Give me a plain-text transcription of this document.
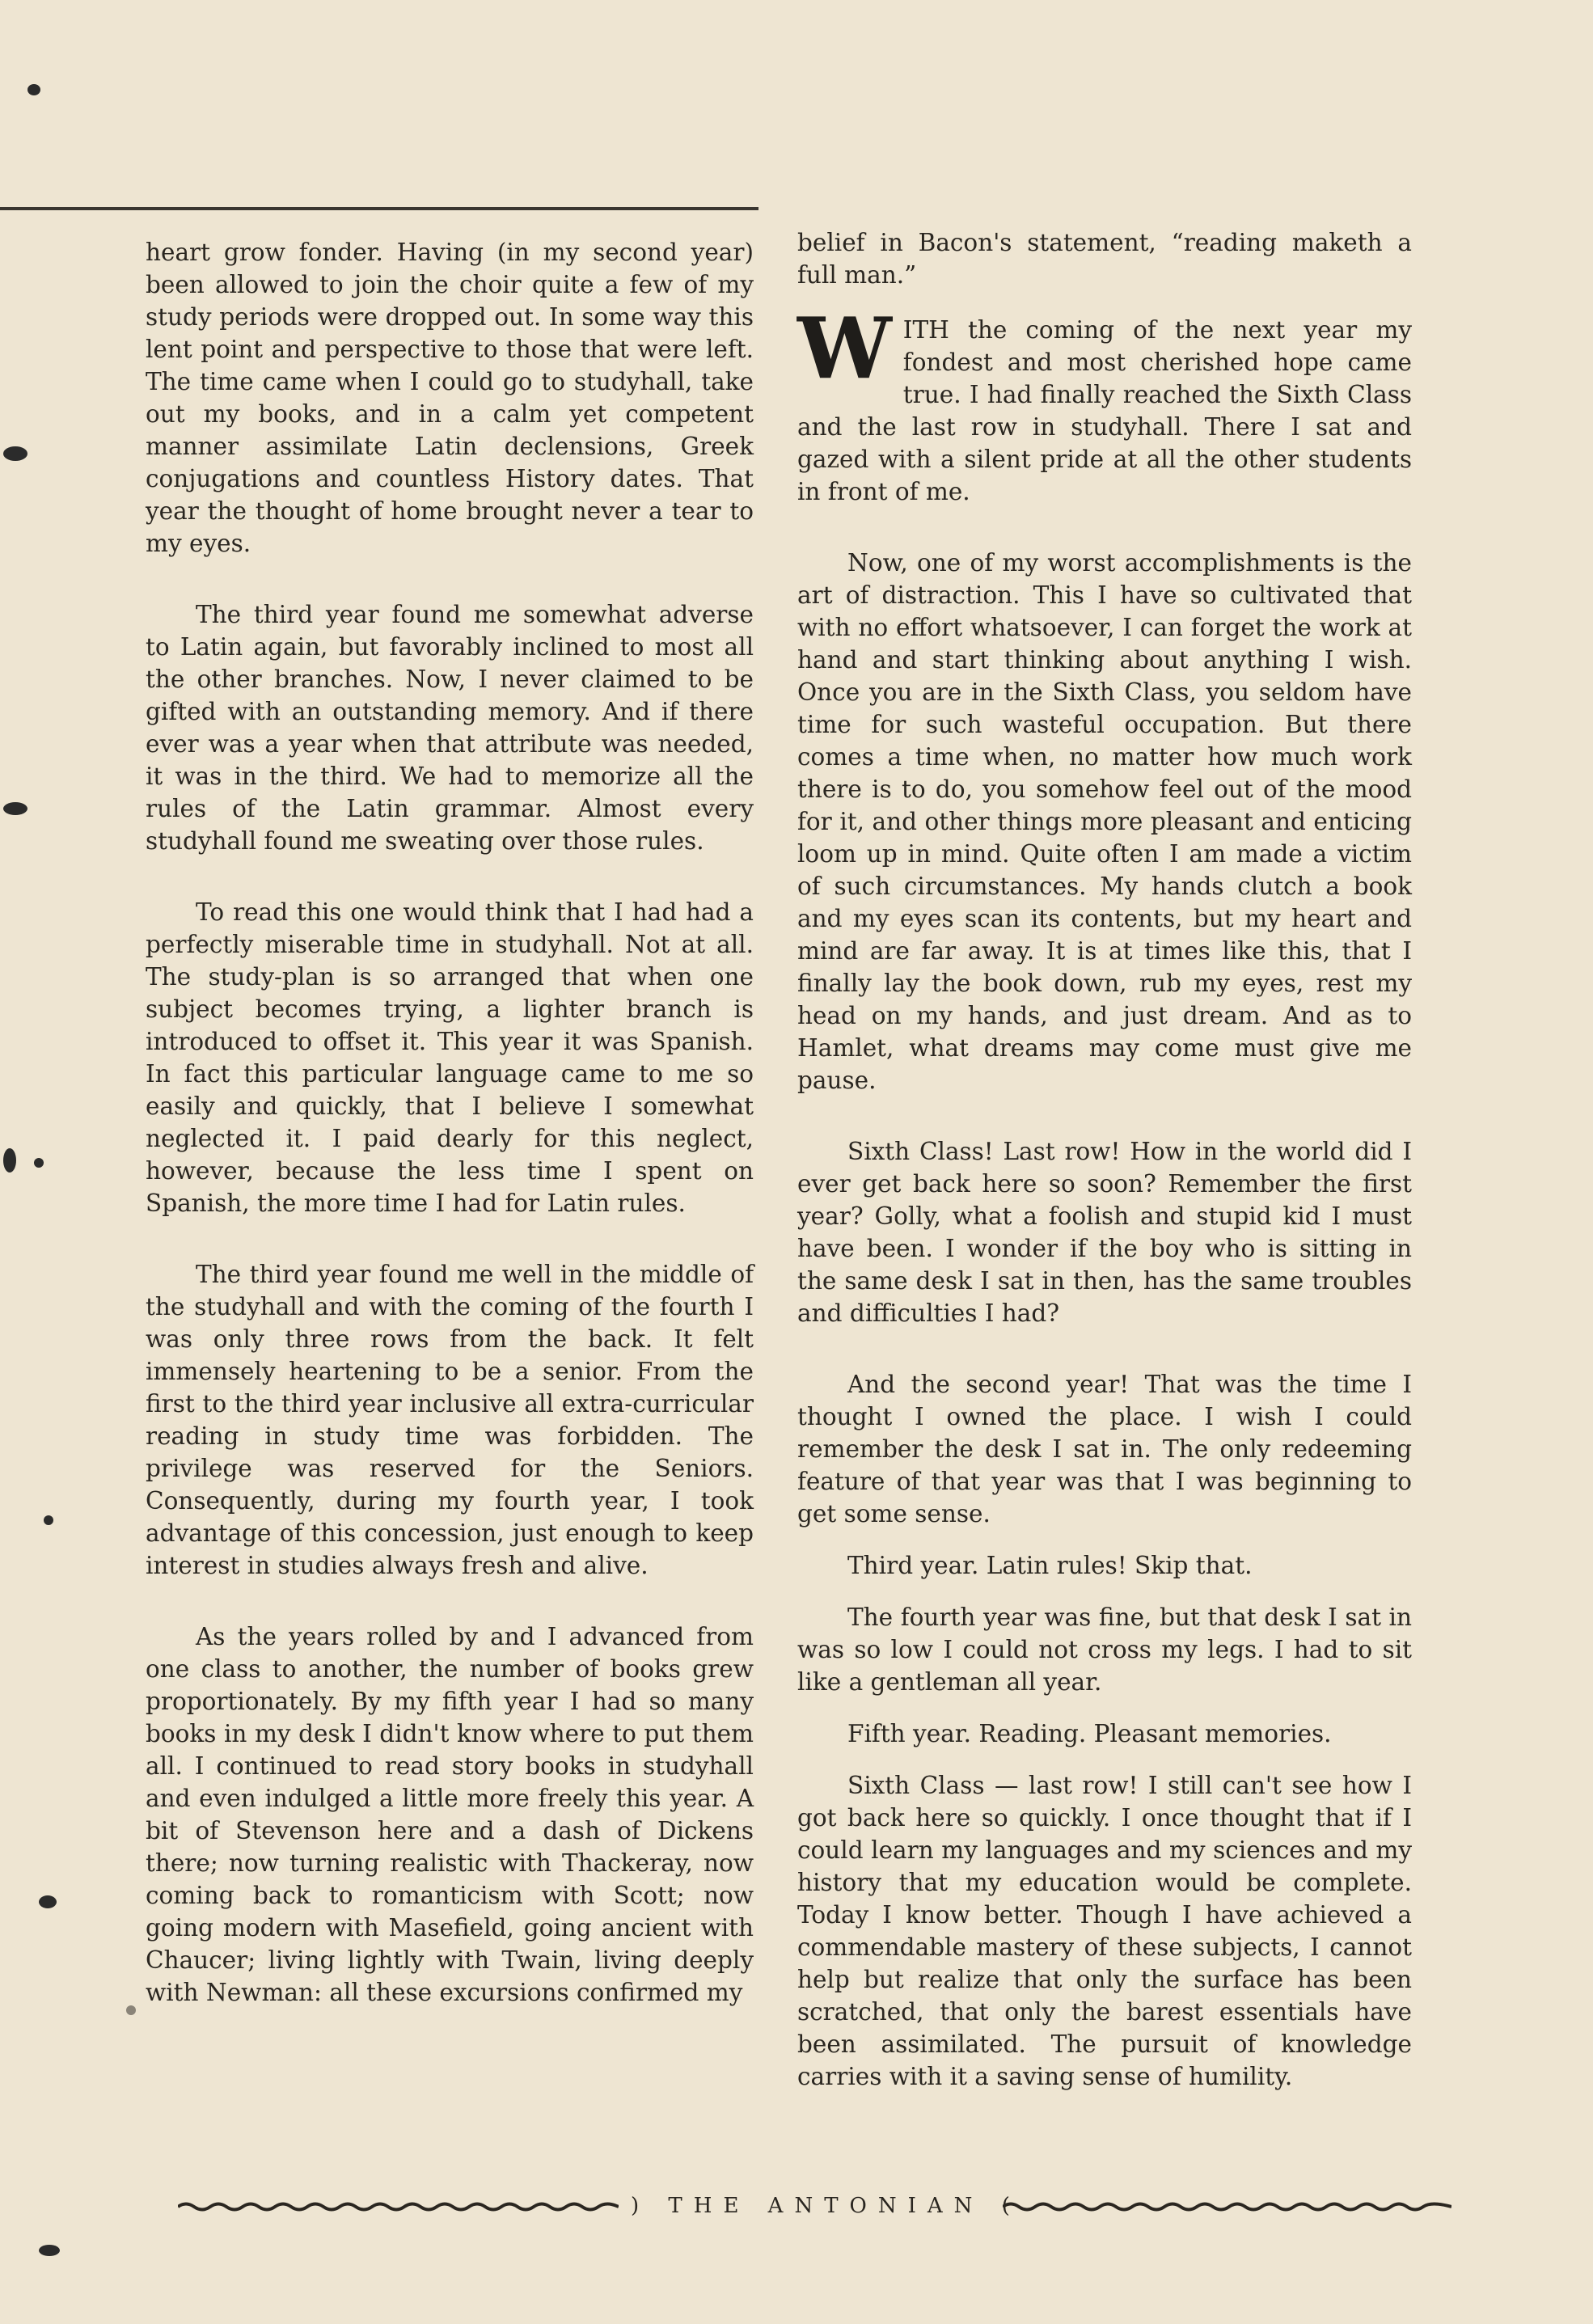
heart grow fonder. Having (in my second year) been allowed to join the choir quite a few of my study periods were dropped out. In some way this lent point and perspective to those that were left. The time came when I could go to studyhall, take out my books, and in a calm yet competent manner assimilate Latin declensions, Greek conjugations and countless History dates. That year the thought of home brought never a tear to my eyes.

The third year found me somewhat adverse to Latin again, but favorably inclined to most all the other branches. Now, I never claimed to be gifted with an outstanding memory. And if there ever was a year when that attribute was needed, it was in the third. We had to memorize all the rules of the Latin grammar. Almost every studyhall found me sweating over those rules.

To read this one would think that I had had a perfectly miserable time in studyhall. Not at all. The study-plan is so arranged that when one subject becomes trying, a lighter branch is introduced to offset it. This year it was Spanish. In fact this particular language came to me so easily and quickly, that I believe I somewhat neglected it. I paid dearly for this neglect, however, because the less time I spent on Spanish, the more time I had for Latin rules.

The third year found me well in the middle of the studyhall and with the coming of the fourth I was only three rows from the back. It felt immensely heartening to be a senior. From the first to the third year inclusive all extra-curricular reading in study time was forbidden. The privilege was reserved for the Seniors. Consequently, during my fourth year, I took advantage of this concession, just enough to keep interest in studies always fresh and alive.

As the years rolled by and I advanced from one class to another, the number of books grew proportionately. By my fifth year I had so many books in my desk I didn't know where to put them all. I continued to read story books in studyhall and even indulged a little more freely this year. A bit of Stevenson here and a dash of Dickens there; now turning realistic with Thackeray, now coming back to romanticism with Scott; now going modern with Masefield, going ancient with Chaucer; living lightly with Twain, living deeply with Newman: all these excursions confirmed my

belief in Bacon's statement, “reading maketh a full man.”

W ITH the coming of the next year my fondest and most cherished hope came true. I had finally reached the Sixth Class and the last row in studyhall. There I sat and gazed with a silent pride at all the other students in front of me.

Now, one of my worst accomplishments is the art of distraction. This I have so cultivated that with no effort whatsoever, I can forget the work at hand and start thinking about anything I wish. Once you are in the Sixth Class, you seldom have time for such wasteful occupation. But there comes a time when, no matter how much work there is to do, you somehow feel out of the mood for it, and other things more pleasant and enticing loom up in mind. Quite often I am made a victim of such circumstances. My hands clutch a book and my eyes scan its contents, but my heart and mind are far away. It is at times like this, that I finally lay the book down, rub my eyes, rest my head on my hands, and just dream. And as to Hamlet, what dreams may come must give me pause.

Sixth Class! Last row! How in the world did I ever get back here so soon? Remember the first year? Golly, what a foolish and stupid kid I must have been. I wonder if the boy who is sitting in the same desk I sat in then, has the same troubles and difficulties I had?

And the second year! That was the time I thought I owned the place. I wish I could remember the desk I sat in. The only redeeming feature of that year was that I was beginning to get some sense.

Third year. Latin rules! Skip that.

The fourth year was fine, but that desk I sat in was so low I could not cross my legs. I had to sit like a gentleman all year.

Fifth year. Reading. Pleasant memories.

Sixth Class — last row! I still can't see how I got back here so quickly. I once thought that if I could learn my languages and my sciences and my history that my education would be complete. Today I know better. Though I have achieved a commendable mastery of these subjects, I cannot help but realize that only the surface has been scratched, that only the barest essentials have been assimilated. The pursuit of knowledge carries with it a saving sense of humility.

) THE ANTONIAN (
